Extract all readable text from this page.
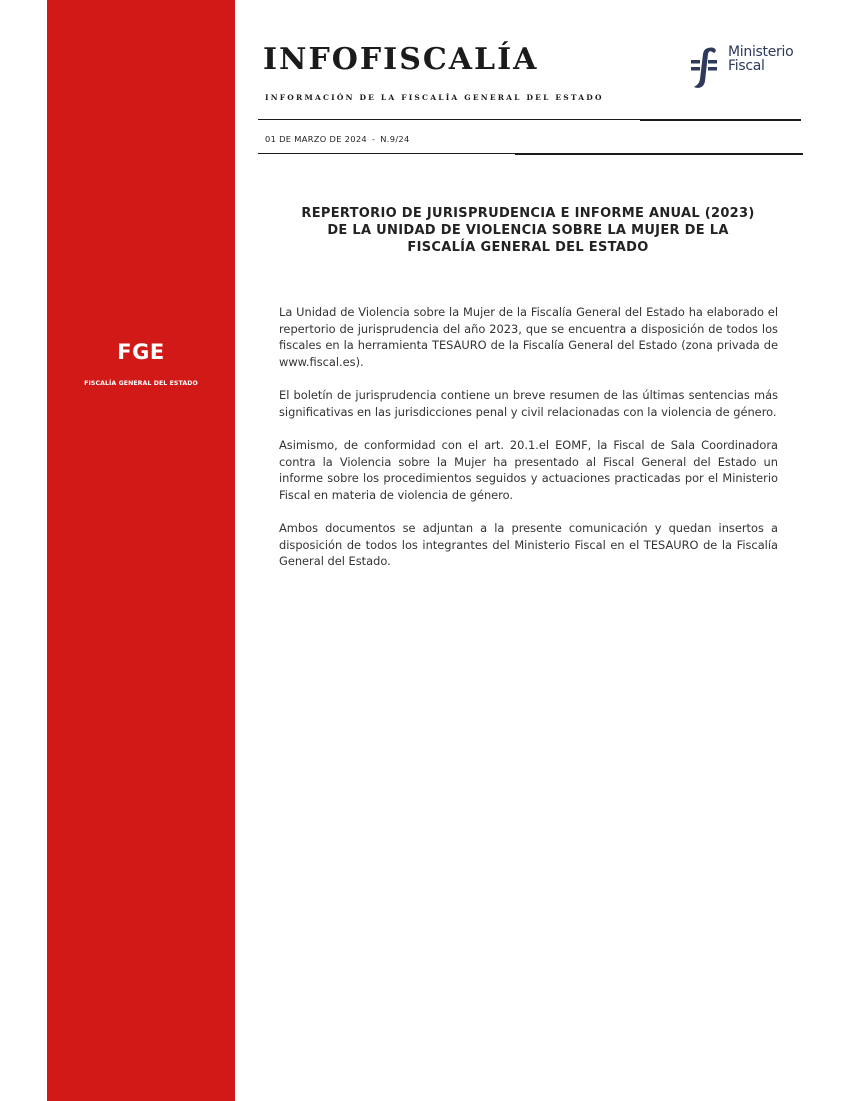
FGE
FISCALÍA GENERAL DEL ESTADO
INFOFISCALÍA
INFORMACIÓN DE LA FISCALÍA GENERAL DEL ESTADO
Ministerio
Fiscal
01 DE MARZO DE 2024 - N.9/24
REPERTORIO DE JURISPRUDENCIA E INFORME ANUAL (2023)
DE LA UNIDAD DE VIOLENCIA SOBRE LA MUJER DE LA
FISCALÍA GENERAL DEL ESTADO

La Unidad de Violencia sobre la Mujer de la Fiscalía General del Estado ha elaborado el repertorio de jurisprudencia del año 2023, que se encuentra a disposición de todos los fiscales en la herramienta TESAURO de la Fiscalía General del Estado (zona privada de www.fiscal.es).

El boletín de jurisprudencia contiene un breve resumen de las últimas sentencias más significativas en las jurisdicciones penal y civil relacionadas con la violencia de género.

Asimismo, de conformidad con el art. 20.1.el EOMF, la Fiscal de Sala Coordinadora contra la Violencia sobre la Mujer ha presentado al Fiscal General del Estado un informe sobre los procedimientos seguidos y actuaciones practicadas por el Ministerio Fiscal en materia de violencia de género.

Ambos documentos se adjuntan a la presente comunicación y quedan insertos a disposición de todos los integrantes del Ministerio Fiscal en el TESAURO de la Fiscalía General del Estado.
